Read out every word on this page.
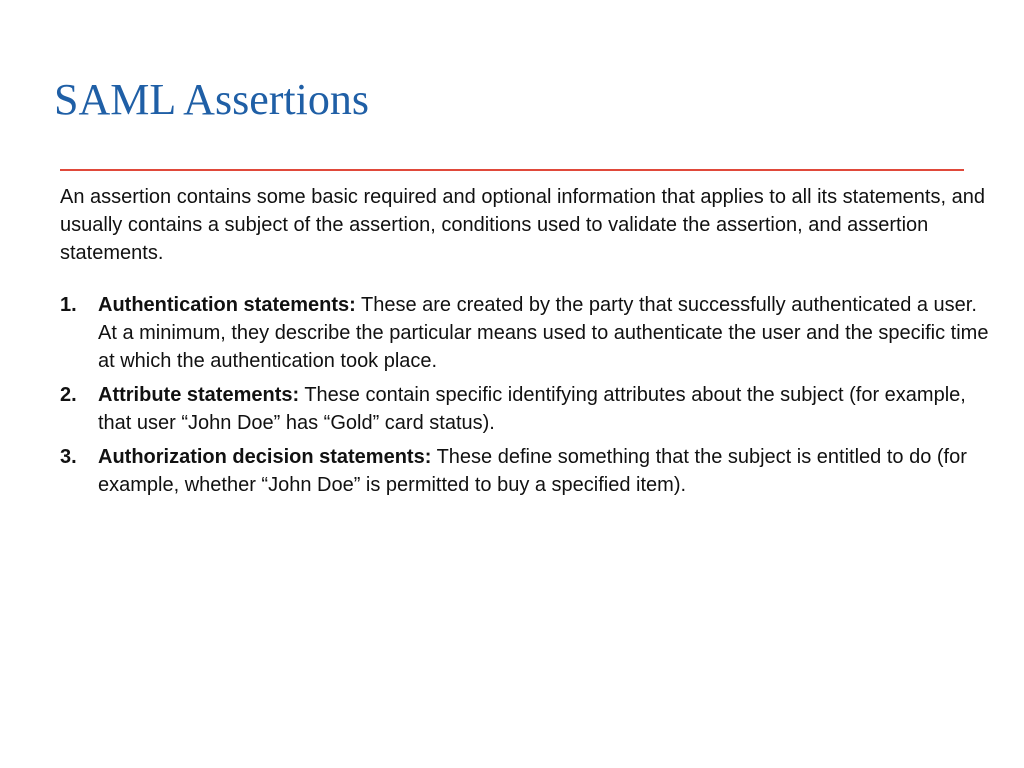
SAML Assertions

An assertion contains some basic required and optional information that applies to all its statements, and usually contains a subject of the assertion, conditions used to validate the assertion, and assertion statements.

1. Authentication statements: These are created by the party that successfully authenticated a user. At a minimum, they describe the particular means used to authenticate the user and the specific time at which the authentication took place.
2. Attribute statements: These contain specific identifying attributes about the subject (for example, that user “John Doe” has “Gold” card status).
3. Authorization decision statements: These define something that the subject is entitled to do (for example, whether “John Doe” is permitted to buy a specified item).
